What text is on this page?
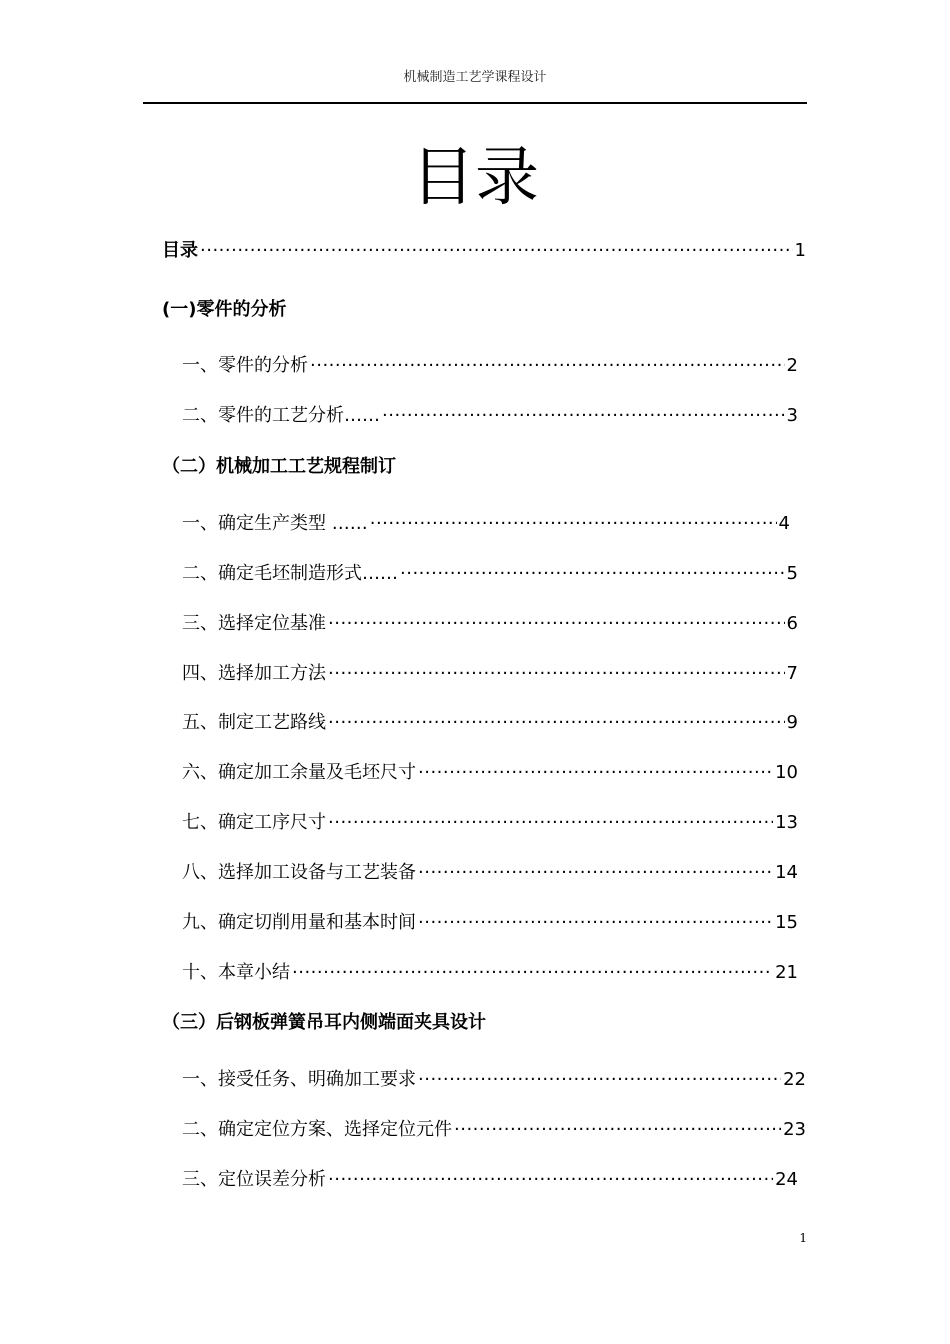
机械制造工艺学课程设计
目录
目录 ·····	1
(一)零件的分析
一、 零件的分析 ·····	2
二、 零件的工艺分析…… ·····	3
（二）机械加工工艺规程制订
一、 确定生产类型 …… ·····	4
二、 确定毛坯制造形式…… ·····	5
三、 选择定位基准 ·····	6
四、 选择加工方法 ·····	7
五、 制定工艺路线 ·····	9
六、 确定加工余量及毛坯尺寸 ·····	10
七、 确定工序尺寸 ·····	13
八、 选择加工设备与工艺装备 ·····	14
九、 确定切削用量和基本时间 ·····	15
十、 本章小结 ·····	21
（三）后钢板弹簧吊耳内侧端面夹具设计
一、 接受任务、明确加工要求 ·····	22
二、 确定定位方案、选择定位元件 ·····	23
三、 定位误差分析 ·····	24
1
